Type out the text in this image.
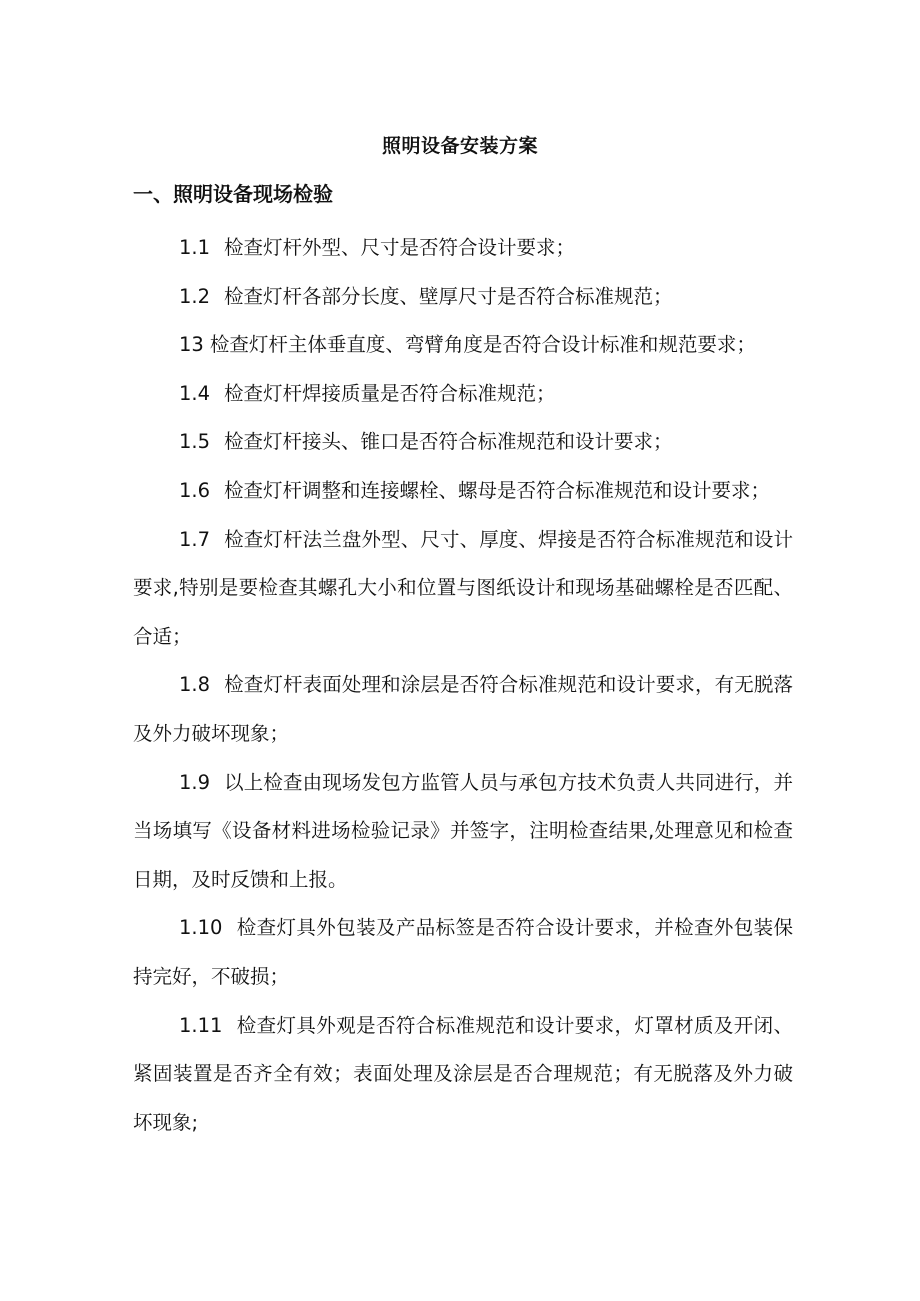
照明设备安装方案
一、照明设备现场检验

1.1 检查灯杆外型、尺寸是否符合设计要求；

1.2 检查灯杆各部分长度、壁厚尺寸是否符合标准规范；

13 检查灯杆主体垂直度、弯臂角度是否符合设计标准和规范要求；

1.4 检查灯杆焊接质量是否符合标准规范；

1.5 检查灯杆接头、锥口是否符合标准规范和设计要求；

1.6 检查灯杆调整和连接螺栓、螺母是否符合标准规范和设计要求；

1.7 检查灯杆法兰盘外型、尺寸、厚度、焊接是否符合标准规范和设计要求,特别是要检查其螺孔大小和位置与图纸设计和现场基础螺栓是否匹配、合适；

1.8 检查灯杆表面处理和涂层是否符合标准规范和设计要求，有无脱落及外力破坏现象；

1.9 以上检查由现场发包方监管人员与承包方技术负责人共同进行，并当场填写《设备材料进场检验记录》并签字，注明检查结果,处理意见和检查日期，及时反馈和上报。

1.10 检查灯具外包装及产品标签是否符合设计要求，并检查外包装保持完好，不破损；

1.11 检查灯具外观是否符合标准规范和设计要求，灯罩材质及开闭、紧固装置是否齐全有效；表面处理及涂层是否合理规范；有无脱落及外力破坏现象;
